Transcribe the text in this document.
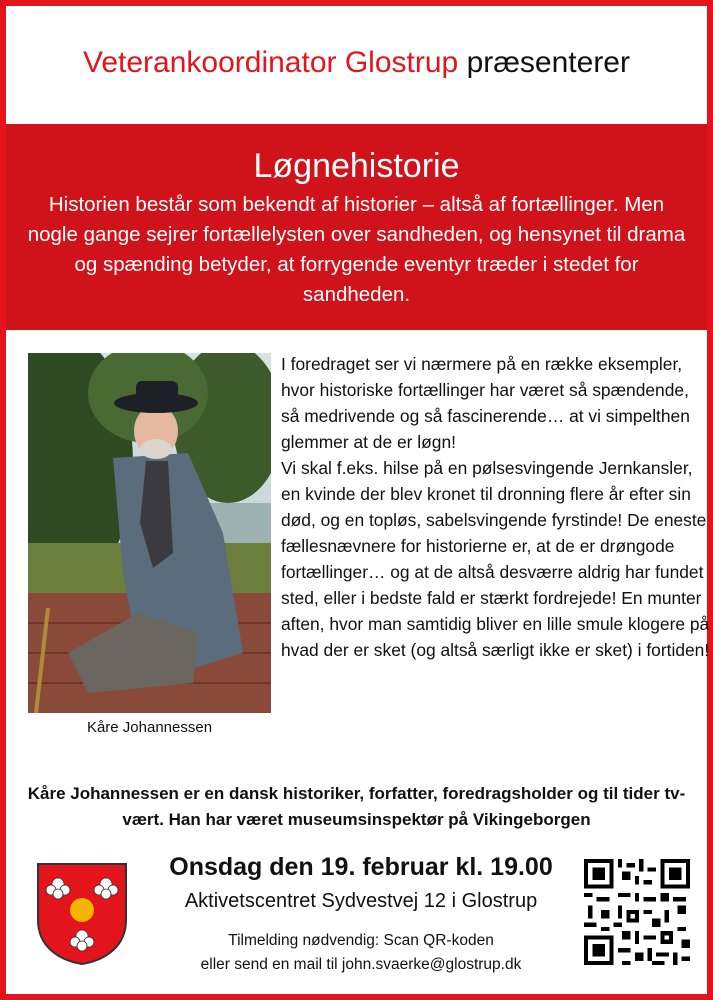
Veterankoordinator Glostrup præsenterer
Løgnehistorie

Historien består som bekendt af historier – altså af fortællinger. Men nogle gange sejrer fortællelysten over sandheden, og hensynet til drama og spænding betyder, at forrygende eventyr træder i stedet for sandheden.

Kåre Johannessen

I foredraget ser vi nærmere på en række eksempler, hvor historiske fortællinger har været så spændende, så medrivende og så fascinerende… at vi simpelthen glemmer at de er løgn!

Vi skal f.eks. hilse på en pølsesvingende Jernkansler, en kvinde der blev kronet til dronning flere år efter sin død, og en topløs, sabelsvingende fyrstinde! De eneste fællesnævnere for historierne er, at de er drøngode fortællinger… og at de altså desværre aldrig har fundet sted, eller i bedste fald er stærkt fordrejede! En munter aften, hvor man samtidig bliver en lille smule klogere på hvad der er sket (og altså særligt ikke er sket) i fortiden!

Kåre Johannessen er en dansk historiker, forfatter, foredragsholder og til tider tv-vært. Han har været museumsinspektør på Vikingeborgen
Onsdag den 19. februar kl. 19.00
Aktivetscentret Sydvestvej 12 i Glostrup
Tilmelding nødvendig: Scan QR-koden
eller send en mail til john.svaerke@glostrup.dk
